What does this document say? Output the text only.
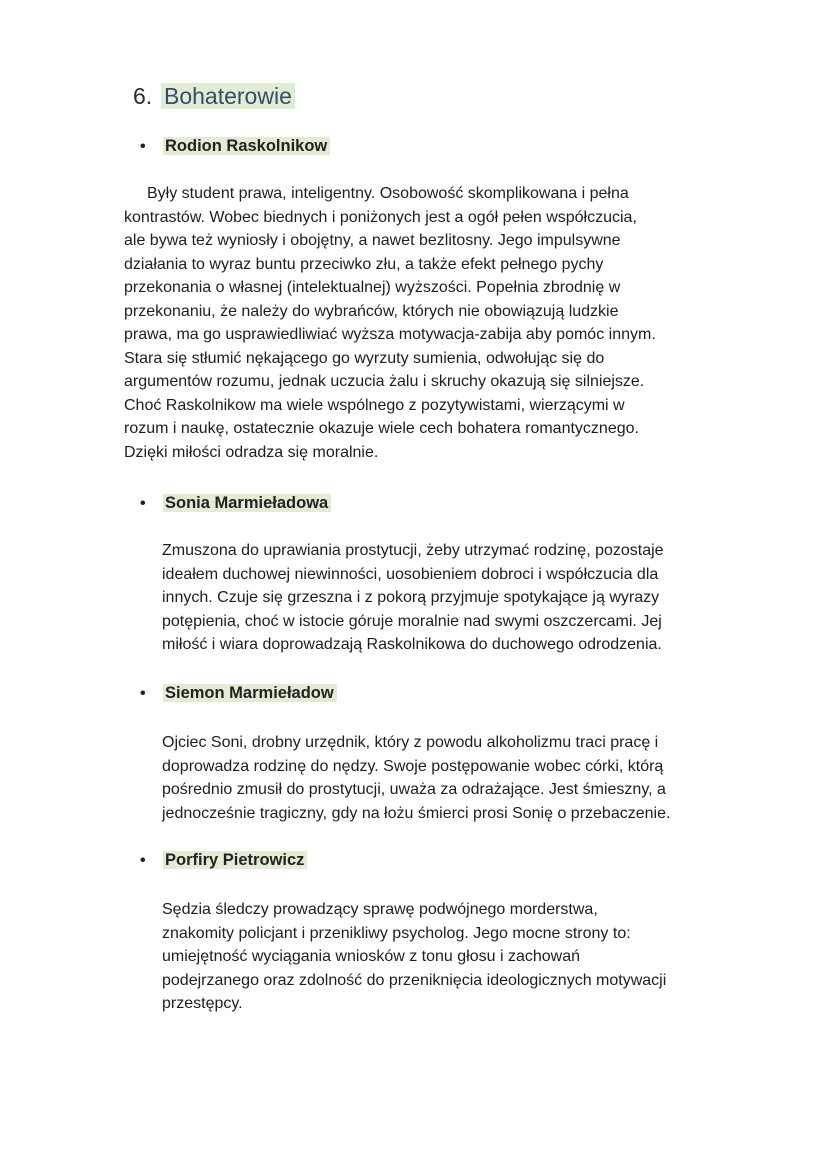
6. Bohaterowie
• Rodion Raskolnikow
Były student prawa, inteligentny. Osobowość skomplikowana i pełna
kontrastów. Wobec biednych i poniżonych jest a ogół pełen współczucia,
ale bywa też wyniosły i obojętny, a nawet bezlitosny. Jego impulsywne
działania to wyraz buntu przeciwko złu, a także efekt pełnego pychy
przekonania o własnej (intelektualnej) wyższości. Popełnia zbrodnię w
przekonaniu, że należy do wybrańców, których nie obowiązują ludzkie
prawa, ma go usprawiedliwiać wyższa motywacja-zabija aby pomóc innym.
Stara się stłumić nękającego go wyrzuty sumienia, odwołując się do
argumentów rozumu, jednak uczucia żalu i skruchy okazują się silniejsze.
Choć Raskolnikow ma wiele wspólnego z pozytywistami, wierzącymi w
rozum i naukę, ostatecznie okazuje wiele cech bohatera romantycznego.
Dzięki miłości odradza się moralnie.
• Sonia Marmieładowa
Zmuszona do uprawiania prostytucji, żeby utrzymać rodzinę, pozostaje
ideałem duchowej niewinności, uosobieniem dobroci i współczucia dla
innych. Czuje się grzeszna i z pokorą przyjmuje spotykające ją wyrazy
potępienia, choć w istocie góruje moralnie nad swymi oszczercami. Jej
miłość i wiara doprowadzają Raskolnikowa do duchowego odrodzenia.
• Siemon Marmieładow
Ojciec Soni, drobny urzędnik, który z powodu alkoholizmu traci pracę i
doprowadza rodzinę do nędzy. Swoje postępowanie wobec córki, którą
pośrednio zmusił do prostytucji, uważa za odrażające. Jest śmieszny, a
jednocześnie tragiczny, gdy na łożu śmierci prosi Sonię o przebaczenie.
• Porfiry Pietrowicz
Sędzia śledczy prowadzący sprawę podwójnego morderstwa,
znakomity policjant i przenikliwy psycholog. Jego mocne strony to:
umiejętność wyciągania wniosków z tonu głosu i zachowań
podejrzanego oraz zdolność do przeniknięcia ideologicznych motywacji
przestępcy.
